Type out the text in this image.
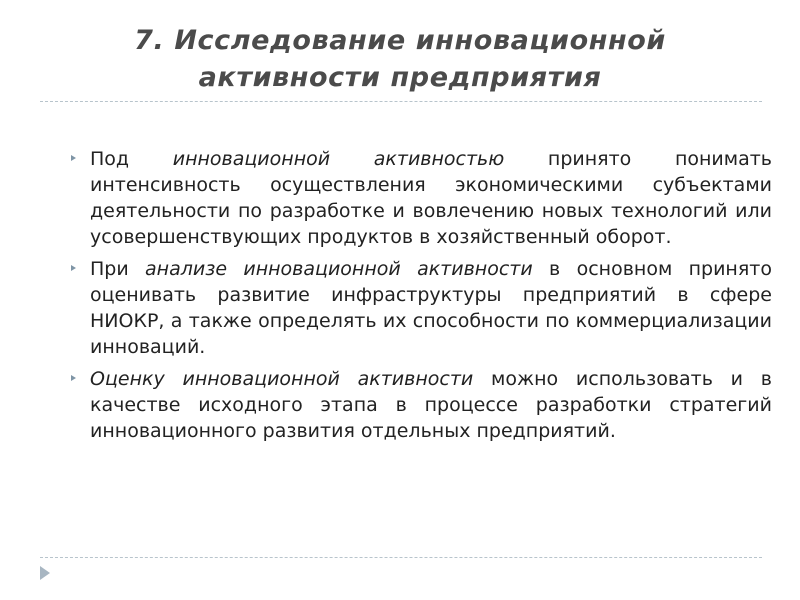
7. Исследование инновационной активности предприятия

Под инновационной активностью принято понимать интенсивность осуществления экономическими субъектами деятельности по разработке и вовлечению новых технологий или усовершенствующих продуктов в хозяйственный оборот.

При анализе инновационной активности в основном принято оценивать развитие инфраструктуры предприятий в сфере НИОКР, а также определять их способности по коммерциализации инноваций.

Оценку инновационной активности можно использовать и в качестве исходного этапа в процессе разработки стратегий инновационного развития отдельных предприятий.
